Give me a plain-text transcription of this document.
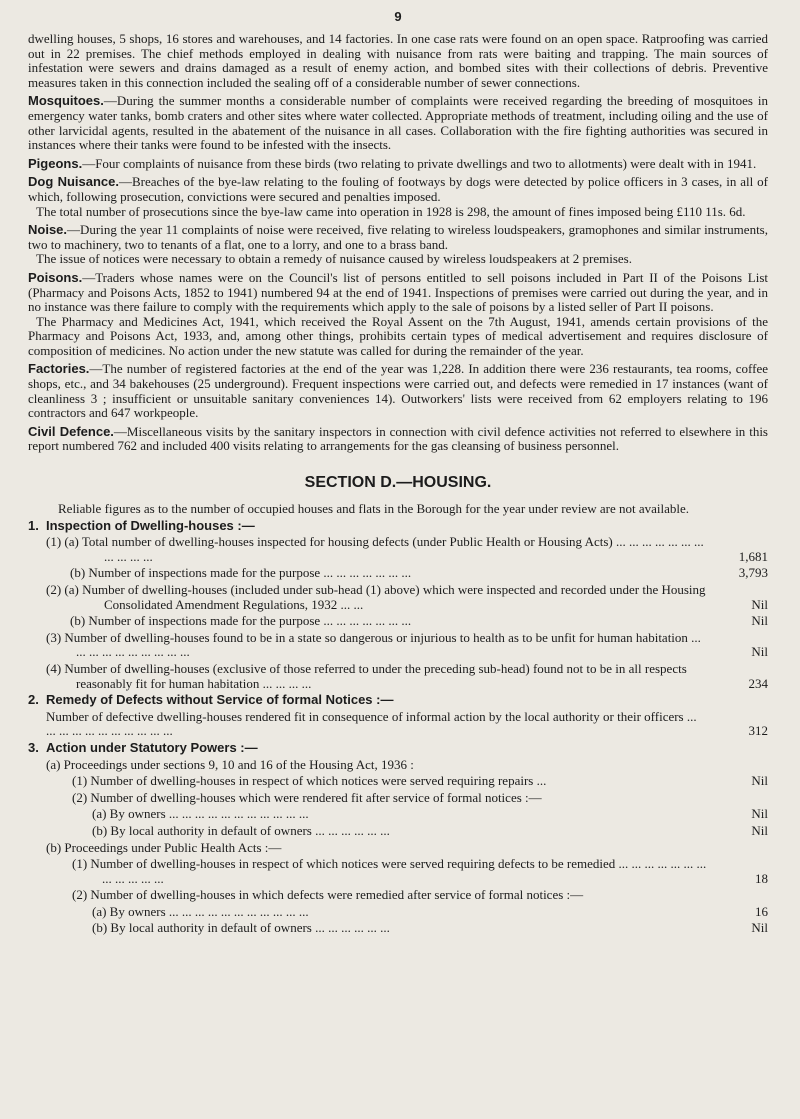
9

dwelling houses, 5 shops, 16 stores and warehouses, and 14 factories. In one case rats were found on an open space. Ratproofing was carried out in 22 premises. The chief methods employed in dealing with nuisance from rats were baiting and trapping. The main sources of infestation were sewers and drains damaged as a result of enemy action, and bombed sites with their collections of debris. Preventive measures taken in this connection included the sealing off of a considerable number of sewer connections.

Mosquitoes.—During the summer months a considerable number of complaints were received regarding the breeding of mosquitoes in emergency water tanks, bomb craters and other sites where water collected. Appropriate methods of treatment, including oiling and the use of other larvicidal agents, resulted in the abatement of the nuisance in all cases. Collaboration with the fire fighting authorities was secured in instances where their tanks were found to be infested with the insects.

Pigeons.—Four complaints of nuisance from these birds (two relating to private dwellings and two to allotments) were dealt with in 1941.

Dog Nuisance.—Breaches of the bye-law relating to the fouling of footways by dogs were detected by police officers in 3 cases, in all of which, following prosecution, convictions were secured and penalties imposed.

The total number of prosecutions since the bye-law came into operation in 1928 is 298, the amount of fines imposed being £110 11s. 6d.

Noise.—During the year 11 complaints of noise were received, five relating to wireless loudspeakers, gramophones and similar instruments, two to machinery, two to tenants of a flat, one to a lorry, and one to a brass band.

The issue of notices were necessary to obtain a remedy of nuisance caused by wireless loudspeakers at 2 premises.

Poisons.—Traders whose names were on the Council's list of persons entitled to sell poisons included in Part II of the Poisons List (Pharmacy and Poisons Acts, 1852 to 1941) numbered 94 at the end of 1941. Inspections of premises were carried out during the year, and in no instance was there failure to comply with the requirements which apply to the sale of poisons by a listed seller of Part II poisons.

The Pharmacy and Medicines Act, 1941, which received the Royal Assent on the 7th August, 1941, amends certain provisions of the Pharmacy and Poisons Act, 1933, and, among other things, prohibits certain types of medical advertisement and requires disclosure of composition of medicines. No action under the new statute was called for during the remainder of the year.

Factories.—The number of registered factories at the end of the year was 1,228. In addition there were 236 restaurants, tea rooms, coffee shops, etc., and 34 bakehouses (25 underground). Frequent inspections were carried out, and defects were remedied in 17 instances (want of cleanliness 3 ; insufficient or unsuitable sanitary conveniences 14). Outworkers' lists were received from 62 employers relating to 196 contractors and 647 workpeople.

Civil Defence.—Miscellaneous visits by the sanitary inspectors in connection with civil defence activities not referred to elsewhere in this report numbered 762 and included 400 visits relating to arrangements for the gas cleansing of business personnel.

SECTION D.—HOUSING.

Reliable figures as to the number of occupied houses and flats in the Borough for the year under review are not available.

1. Inspection of Dwelling-houses :—
(1) (a) Total number of dwelling-houses inspected for housing defects (under Public Health or Housing Acts) ... ... ... ... ... ... ... ... ... ... ...	1,681
(b) Number of inspections made for the purpose ... ... ... ... ... ... ...	3,793
(2) (a) Number of dwelling-houses (included under sub-head (1) above) which were inspected and recorded under the Housing Consolidated Amendment Regulations, 1932 ... ...	Nil
(b) Number of inspections made for the purpose ... ... ... ... ... ... ...	Nil
(3) Number of dwelling-houses found to be in a state so dangerous or injurious to health as to be unfit for human habitation ... ... ... ... ... ... ... ... ... ...	Nil
(4) Number of dwelling-houses (exclusive of those referred to under the preceding sub-head) found not to be in all respects reasonably fit for human habitation ... ... ... ...	234
2. Remedy of Defects without Service of formal Notices :—
Number of defective dwelling-houses rendered fit in consequence of informal action by the local authority or their officers ... ... ... ... ... ... ... ... ... ... ...	312
3. Action under Statutory Powers :—
(a) Proceedings under sections 9, 10 and 16 of the Housing Act, 1936 :
(1) Number of dwelling-houses in respect of which notices were served requiring repairs ...	Nil
(2) Number of dwelling-houses which were rendered fit after service of formal notices :—
(a) By owners ... ... ... ... ... ... ... ... ... ... ...	Nil
(b) By local authority in default of owners ... ... ... ... ... ...	Nil
(b) Proceedings under Public Health Acts :—
(1) Number of dwelling-houses in respect of which notices were served requiring defects to be remedied ... ... ... ... ... ... ... ... ... ... ... ...	18
(2) Number of dwelling-houses in which defects were remedied after service of formal notices :—
(a) By owners ... ... ... ... ... ... ... ... ... ... ...	16
(b) By local authority in default of owners ... ... ... ... ... ...	Nil
